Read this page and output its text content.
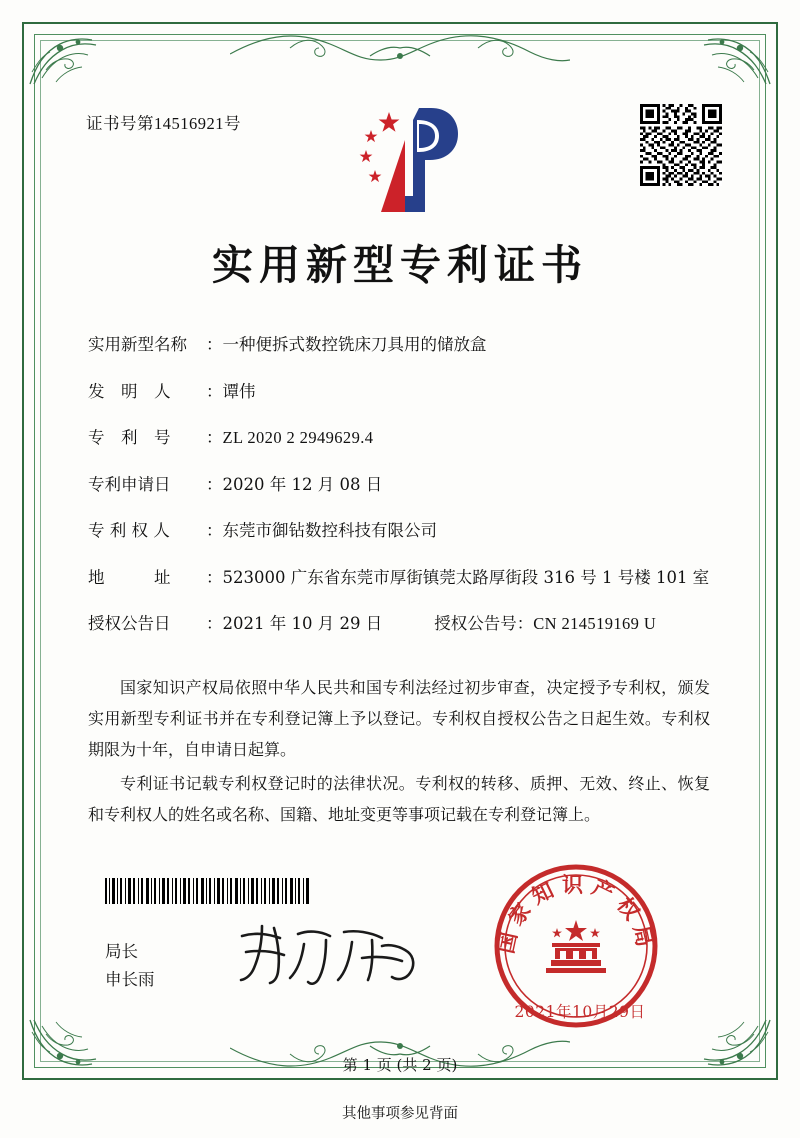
证书号第14516921号
实用新型专利证书
实用新型名称	： 一种便拆式数控铣床刀具用的储放盒
发　明　人	： 谭伟
专　利　号	： ZL 2020 2 2949629.4
专利申请日	： 2020 年 12 月 08 日
专 利 权 人	： 东莞市御钻数控科技有限公司
地　　　址	： 523000 广东省东莞市厚街镇莞太路厚街段 316 号 1 号楼 101 室
授权公告日	： 2021 年 10 月 29 日	授权公告号 ： CN 214519169 U

国家知识产权局依照中华人民共和国专利法经过初步审查，决定授予专利权，颁发实用新型专利证书并在专利登记簿上予以登记。专利权自授权公告之日起生效。专利权期限为十年，自申请日起算。

专利证书记载专利权登记时的法律状况。专利权的转移、质押、无效、终止、恢复和专利权人的姓名或名称、国籍、地址变更等事项记载在专利登记簿上。

局长
申长雨
国家知识产权局
2021年10月29日
第 1 页 (共 2 页)
其他事项参见背面
